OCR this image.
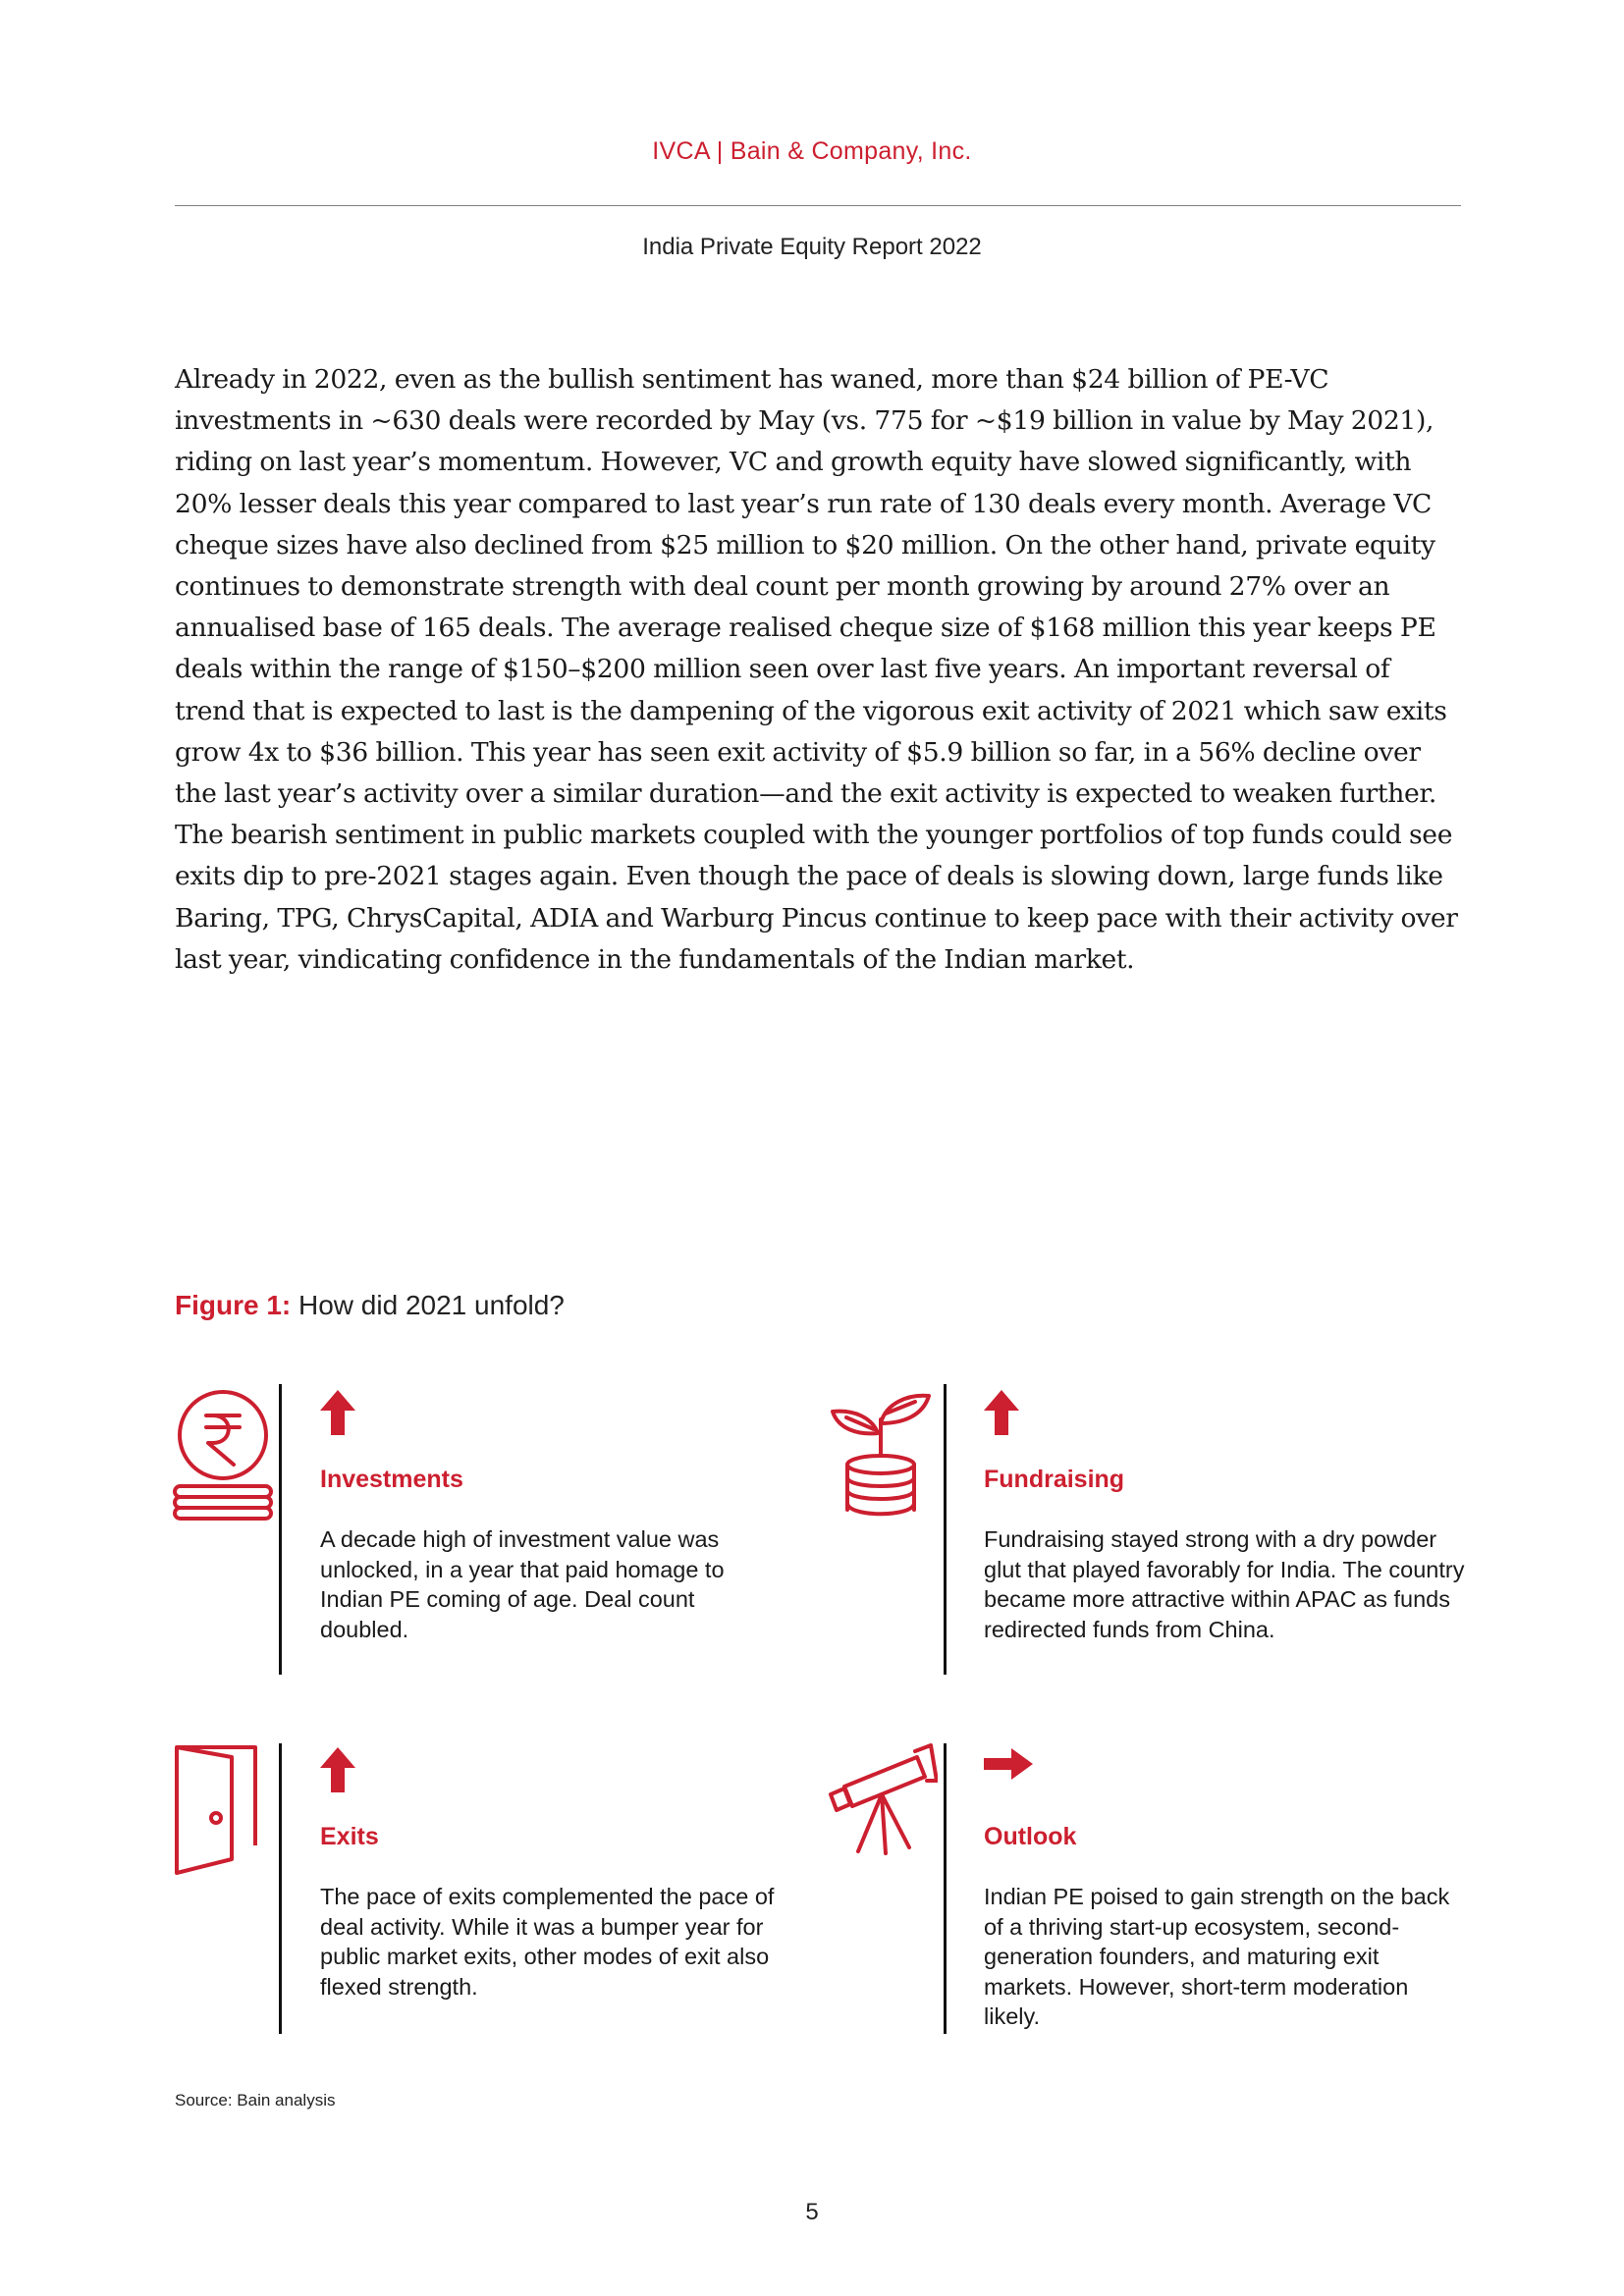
IVCA | Bain & Company, Inc.
India Private Equity Report 2022

Already in 2022, even as the bullish sentiment has waned, more than $24 billion of PE-VC investments in ~630 deals were recorded by May (vs. 775 for ~$19 billion in value by May 2021), riding on last year’s momentum. However, VC and growth equity have slowed significantly, with 20% lesser deals this year compared to last year’s run rate of 130 deals every month. Average VC cheque sizes have also declined from $25 million to $20 million. On the other hand, private equity continues to demonstrate strength with deal count per month growing by around 27% over an annualised base of 165 deals. The average realised cheque size of $168 million this year keeps PE deals within the range of $150–$200 million seen over last five years. An important reversal of trend that is expected to last is the dampening of the vigorous exit activity of 2021 which saw exits grow 4x to $36 billion. This year has seen exit activity of $5.9 billion so far, in a 56% decline over the last year’s activity over a similar duration—and the exit activity is expected to weaken further. The bearish sentiment in public markets coupled with the younger portfolios of top funds could see exits dip to pre-2021 stages again. Even though the pace of deals is slowing down, large funds like Baring, TPG, ChrysCapital, ADIA and Warburg Pincus continue to keep pace with their activity over last year, vindicating confidence in the fundamentals of the Indian market.

Figure 1: How did 2021 unfold?
Investments

A decade high of investment value was unlocked, in a year that paid homage to Indian PE coming of age. Deal count doubled.

Fundraising

Fundraising stayed strong with a dry powder glut that played favorably for India. The country became more attractive within APAC as funds redirected funds from China.

Exits

The pace of exits complemented the pace of deal activity. While it was a bumper year for public market exits, other modes of exit also flexed strength.

Outlook

Indian PE poised to gain strength on the back of a thriving start-up ecosystem, second-generation founders, and maturing exit markets. However, short-term moderation likely.

Source: Bain analysis
5
